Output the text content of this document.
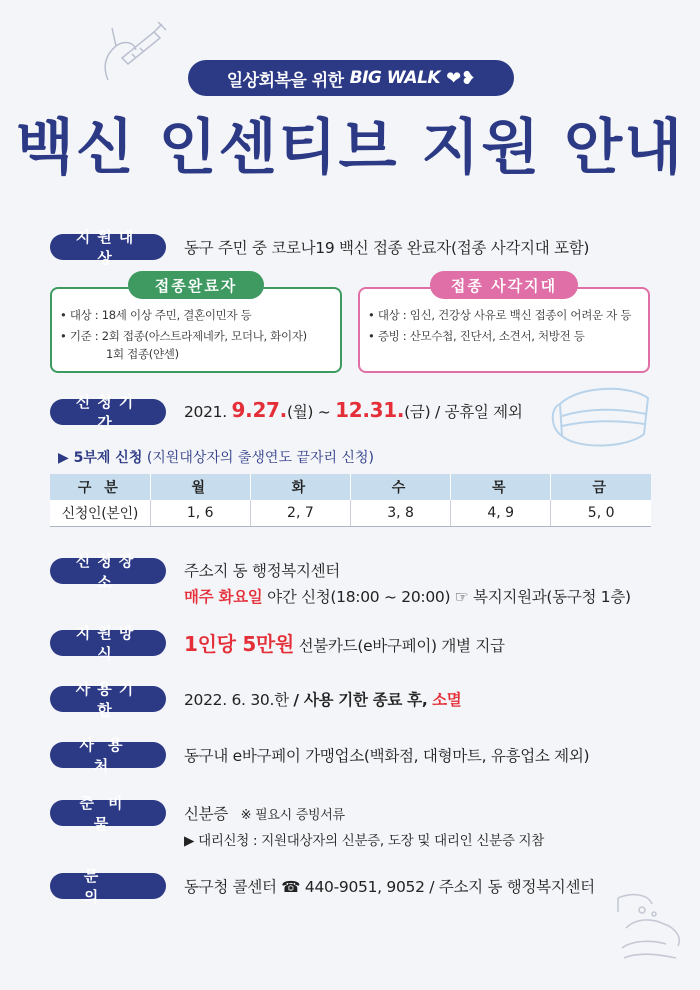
일상회복을 위한 BIG WALK ❤❥
백신 인센티브 지원 안내
지원대상
동구 주민 중 코로나19 백신 접종 완료자(접종 사각지대 포함)
접종완료자
• 대상 : 18세 이상 주민, 결혼이민자 등
• 기준 : 2회 접종(아스트라제네카, 모더나, 화이자)
1회 접종(얀센)
접종 사각지대
• 대상 : 임신, 건강상 사유로 백신 접종이 어려운 자 등
• 증빙 : 산모수첩, 진단서, 소견서, 처방전 등
신청기간
2021. 9.27.(월) ~ 12.31.(금) / 공휴일 제외
▶ 5부제 신청 (지원대상자의 출생연도 끝자리 신청)
구 분	월	화	수	목	금
신청인(본인)	1, 6	2, 7	3, 8	4, 9	5, 0
신청장소
주소지 동 행정복지센터
매주 화요일 야간 신청(18:00 ~ 20:00) ☞ 복지지원과(동구청 1층)
지원방식	1인당 5만원 선불카드(e바구페이) 개별 지급
사용기한
2022. 6. 30.한 / 사용 기한 종료 후, 소멸
사용처
동구내 e바구페이 가맹업소(백화점, 대형마트, 유흥업소 제외)
준비물
신분증 ※ 필요시 증빙서류
▶ 대리신청 : 지원대상자의 신분증, 도장 및 대리인 신분증 지참
문의
동구청 콜센터 ☎ 440-9051, 9052 / 주소지 동 행정복지센터
